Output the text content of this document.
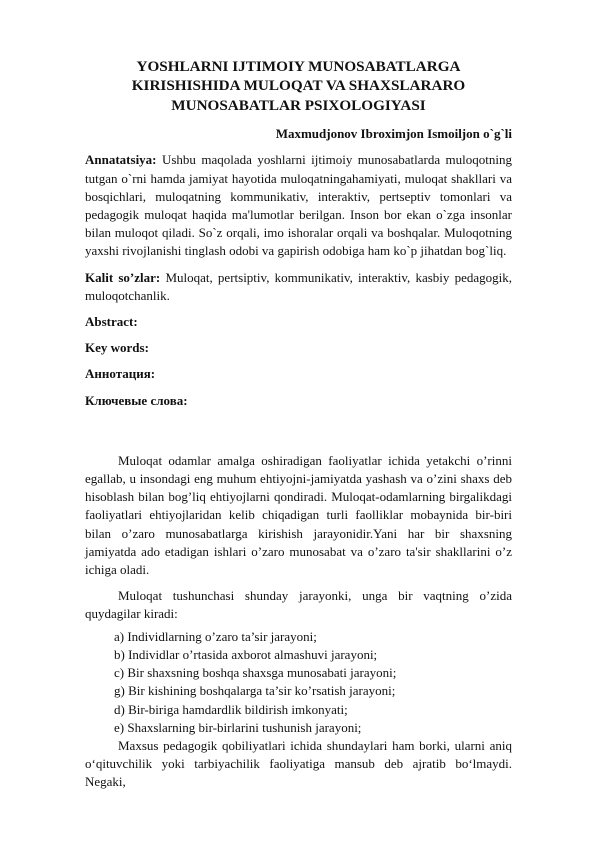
YOSHLARNI IJTIMOIY MUNOSABATLARGA KIRISHISHIDA MULOQAT VA SHAXSLARARO MUNOSABATLAR PSIXOLOGIYASI
Maxmudjonov Ibroximjon Ismoiljon o`g`li

Annatatsiya: Ushbu maqolada yoshlarni ijtimoiy munosabatlarda muloqotning tutgan o`rni hamda jamiyat hayotida muloqatningahamiyati, muloqat shakllari va bosqichlari, muloqatning kommunikativ, interaktiv, pertseptiv tomonlari va pedagogik muloqat haqida ma'lumotlar berilgan. Inson bor ekan o`zga insonlar bilan muloqot qiladi. So`z orqali, imo ishoralar orqali va boshqalar. Muloqotning yaxshi rivojlanishi tinglash odobi va gapirish odobiga ham ko`p jihatdan bog`liq.

Kalit so’zlar: Muloqat, pertsiptiv, kommunikativ, interaktiv, kasbiy pedagogik, muloqotchanlik.

Abstract:

Key words:

Аннотация:

Ключевые слова:

Muloqat odamlar amalga oshiradigan faoliyatlar ichida yetakchi o’rinni egallab, u insondagi eng muhum ehtiyojni-jamiyatda yashash va o’zini shaxs deb hisoblash bilan bog’liq ehtiyojlarni qondiradi. Muloqat-odamlarning birgalikdagi faoliyatlari ehtiyojlaridan kelib chiqadigan turli faolliklar mobaynida bir-biri bilan o’zaro munosabatlarga kirishish jarayonidir.Yani har bir shaxsning jamiyatda ado etadigan ishlari o’zaro munosabat va o’zaro ta'sir shakllarini o’z ichiga oladi.

Muloqat tushunchasi shunday jarayonki, unga bir vaqtning o’zida quydagilar kiradi:

a) Individlarning o’zaro ta’sir jarayoni;
b) Individlar o’rtasida axborot almashuvi jarayoni;
c) Bir shaxsning boshqa shaxsga munosabati jarayoni;
g) Bir kishining boshqalarga ta’sir ko’rsatish jarayoni;
d) Bir-biriga hamdardlik bildirish imkonyati;
e) Shaxslarning bir-birlarini tushunish jarayoni;

Maxsus pedagogik qobiliyatlari ichida shundaylari ham borki, ularni aniq o‘qituvchilik yoki tarbiyachilik faoliyatiga mansub deb ajratib bo‘lmaydi. Negaki,
